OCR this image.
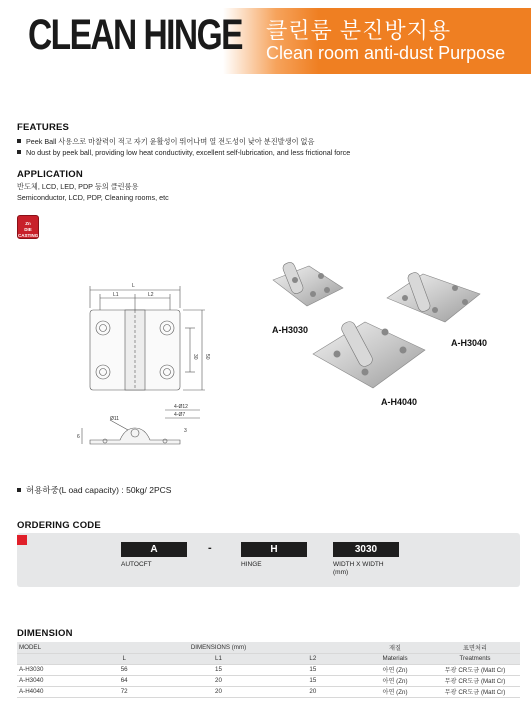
CLEAN HINGE 클린룸 분진방지용
Clean room anti-dust Purpose
FEATURES
Peek Ball 사용으로 마찰력이 적고 자기 윤활성이 뛰어나며 열 전도성이 낮아 분진발생이 없음
No dust by peek ball, providing low heat conductivity, excellent self-lubrication, and less frictional force
APPLICATION
반도체, LCD, LED, PDP 등의 클린룸용
Semiconductor, LCD, PDP, Cleaning rooms, etc
Zn
DIE
CASTING
L
L1	L2
30 50
4-Ø12
4-Ø7
Ø11
6
3
A-H3030
A-H3040
A-H4040
허용하중(L oad capacity) : 50kg/ 2PCS
ORDERING CODE
A	-	H	3030
AUTOCFT	HINGE	WIDTH X WIDTH
(mm)
DIMENSION
MODEL	DIMENSIONS (mm)			재질	표면처리
	L	L1	L2	Materials	Treatments
A-H3030	56	15	15	아연 (Zn)	무광 CR도금 (Matt Cr)
A-H3040	64	20	15	아연 (Zn)	무광 CR도금 (Matt Cr)
A-H4040	72	20	20	아연 (Zn)	무광 CR도금 (Matt Cr)
